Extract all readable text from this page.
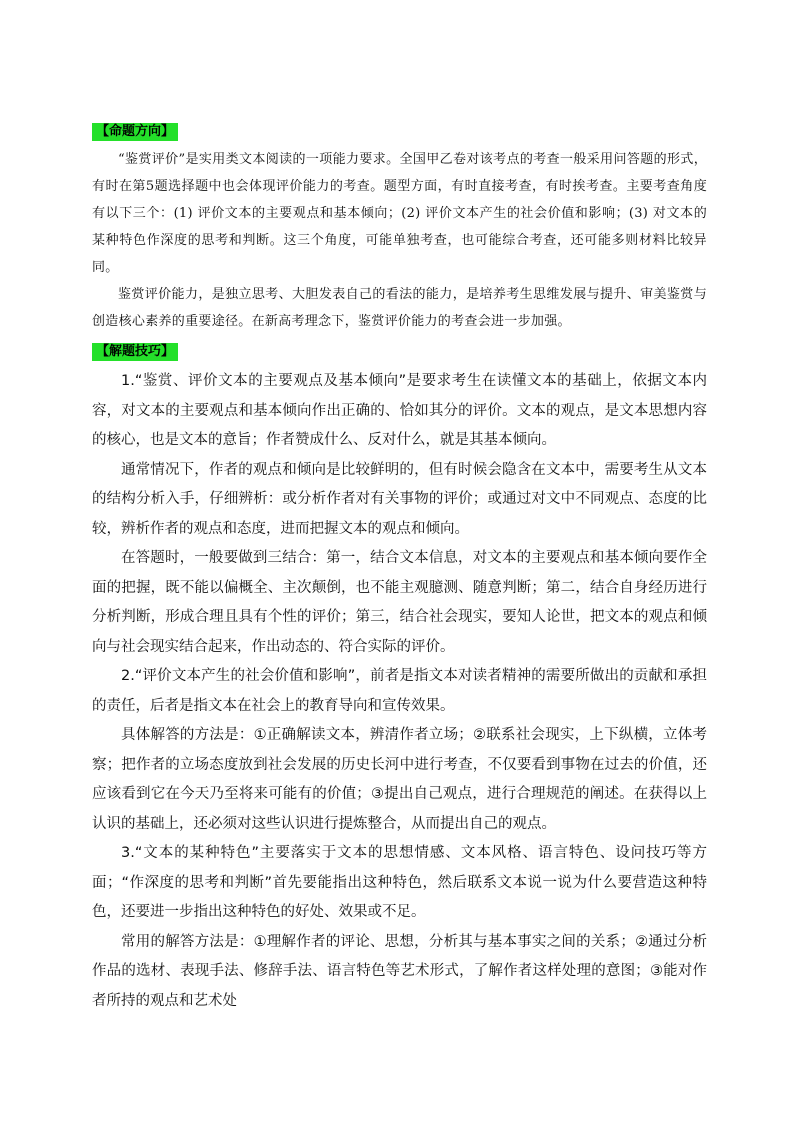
【命题方向】

“鉴赏评价”是实用类文本阅读的一项能力要求。全国甲乙卷对该考点的考查一般采用问答题的形式，有时在第5题选择题中也会体现评价能力的考查。题型方面，有时直接考查，有时挨考查。主要考查角度有以下三个：(1) 评价文本的主要观点和基本倾向；(2) 评价文本产生的社会价值和影响；(3) 对文本的某种特色作深度的思考和判断。这三个角度，可能单独考查，也可能综合考查，还可能多则材料比较异同。

鉴赏评价能力，是独立思考、大胆发表自己的看法的能力，是培养考生思维发展与提升、审美鉴赏与创造核心素养的重要途径。在新高考理念下，鉴赏评价能力的考查会进一步加强。

【解题技巧】

1.“鉴赏、评价文本的主要观点及基本倾向”是要求考生在读懂文本的基础上，依据文本内容，对文本的主要观点和基本倾向作出正确的、恰如其分的评价。文本的观点，是文本思想内容的核心，也是文本的意旨；作者赞成什么、反对什么，就是其基本倾向。

通常情况下，作者的观点和倾向是比较鲜明的，但有时候会隐含在文本中，需要考生从文本的结构分析入手，仔细辨析：或分析作者对有关事物的评价；或通过对文中不同观点、态度的比较，辨析作者的观点和态度，进而把握文本的观点和倾向。

在答题时，一般要做到三结合：第一，结合文本信息，对文本的主要观点和基本倾向要作全面的把握，既不能以偏概全、主次颠倒，也不能主观臆测、随意判断；第二，结合自身经历进行分析判断，形成合理且具有个性的评价；第三，结合社会现实，要知人论世，把文本的观点和倾向与社会现实结合起来，作出动态的、符合实际的评价。

2.“评价文本产生的社会价值和影响”，前者是指文本对读者精神的需要所做出的贡献和承担的责任，后者是指文本在社会上的教育导向和宣传效果。

具体解答的方法是：①正确解读文本，辨清作者立场；②联系社会现实，上下纵横，立体考察；把作者的立场态度放到社会发展的历史长河中进行考查，不仅要看到事物在过去的价值，还应该看到它在今天乃至将来可能有的价值；③提出自己观点，进行合理规范的阐述。在获得以上认识的基础上，还必须对这些认识进行提炼整合，从而提出自己的观点。

3.“文本的某种特色”主要落实于文本的思想情感、文本风格、语言特色、设问技巧等方面；“作深度的思考和判断”首先要能指出这种特色，然后联系文本说一说为什么要营造这种特色，还要进一步指出这种特色的好处、效果或不足。

常用的解答方法是：①理解作者的评论、思想，分析其与基本事实之间的关系；②通过分析作品的选材、表现手法、修辞手法、语言特色等艺术形式，了解作者这样处理的意图；③能对作者所持的观点和艺术处
